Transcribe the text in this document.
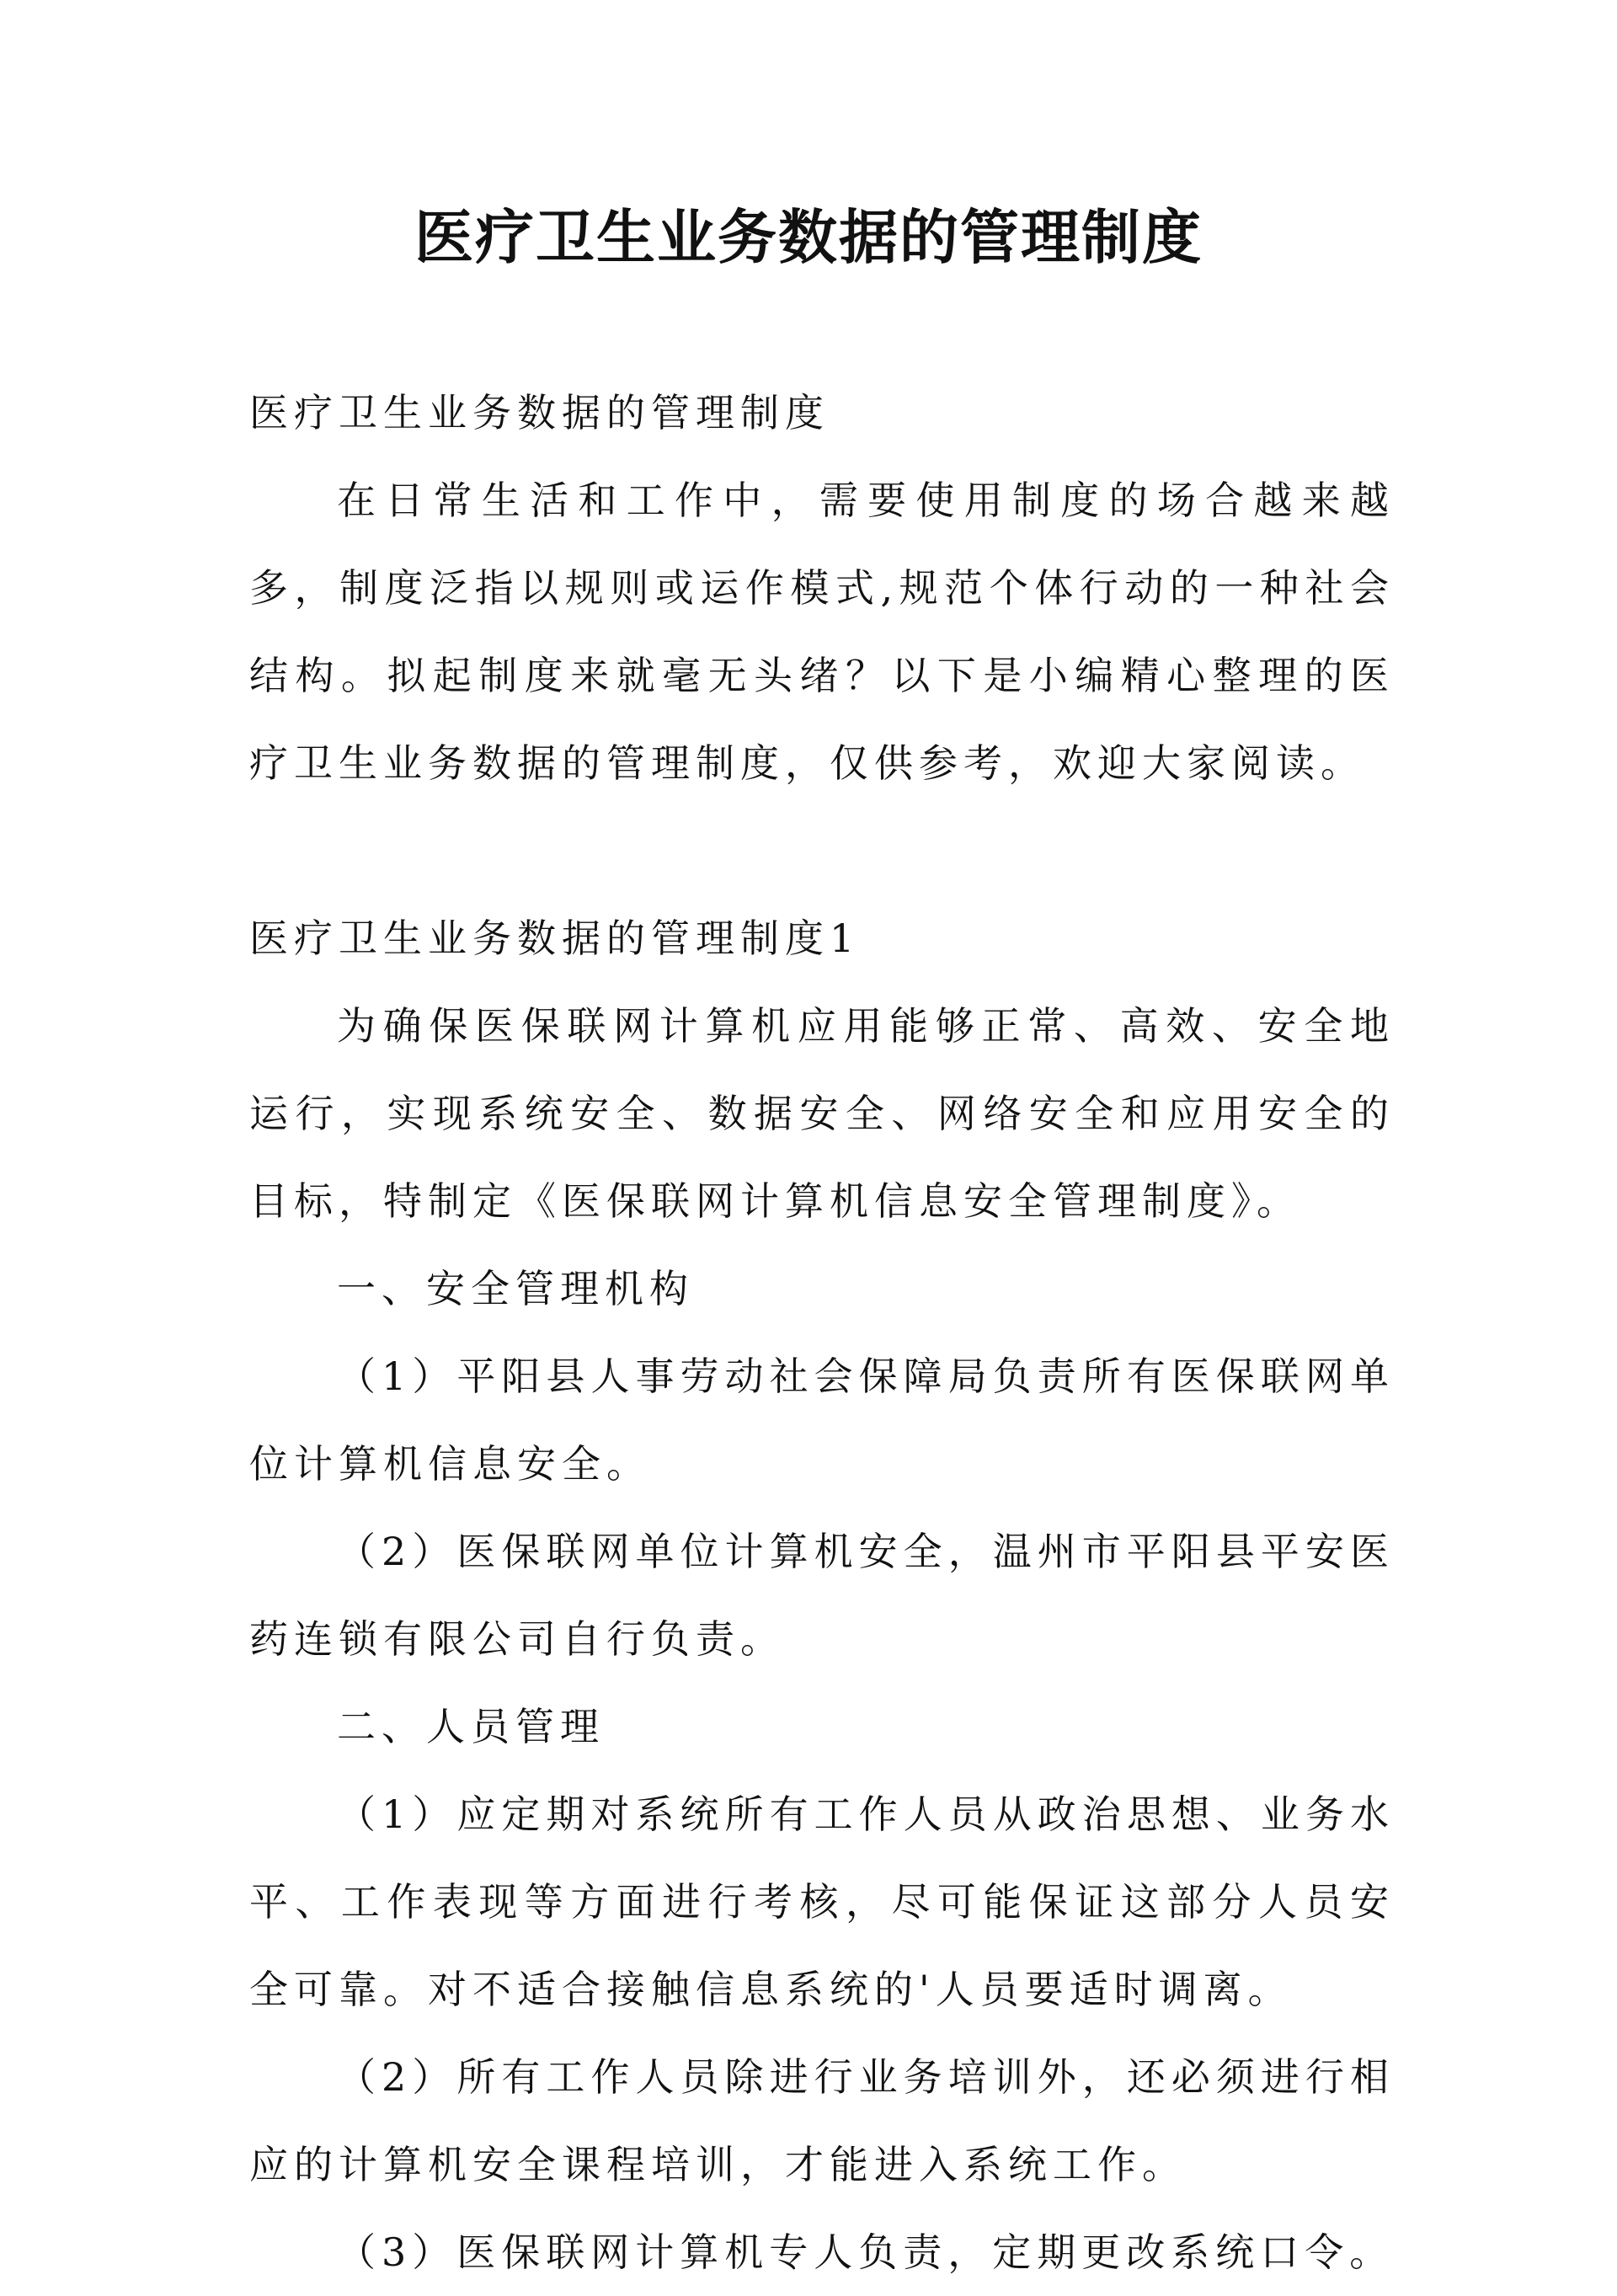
医疗卫生业务数据的管理制度

医疗卫生业务数据的管理制度

在日常生活和工作中，需要使用制度的场合越来越多，制度泛指以规则或运作模式,规范个体行动的一种社会结构。拟起制度来就毫无头绪？以下是小编精心整理的医疗卫生业务数据的管理制度，仅供参考，欢迎大家阅读。

医疗卫生业务数据的管理制度1

为确保医保联网计算机应用能够正常、高效、安全地运行，实现系统安全、数据安全、网络安全和应用安全的目标，特制定《医保联网计算机信息安全管理制度》。

一、安全管理机构

（1）平阳县人事劳动社会保障局负责所有医保联网单位计算机信息安全。

（2）医保联网单位计算机安全，温州市平阳县平安医药连锁有限公司自行负责。

二、人员管理

（1）应定期对系统所有工作人员从政治思想、业务水平、工作表现等方面进行考核，尽可能保证这部分人员安全可靠。对不适合接触信息系统的'人员要适时调离。

（2）所有工作人员除进行业务培训外，还必须进行相应的计算机安全课程培训，才能进入系统工作。

（3）医保联网计算机专人负责，定期更改系统口令。
